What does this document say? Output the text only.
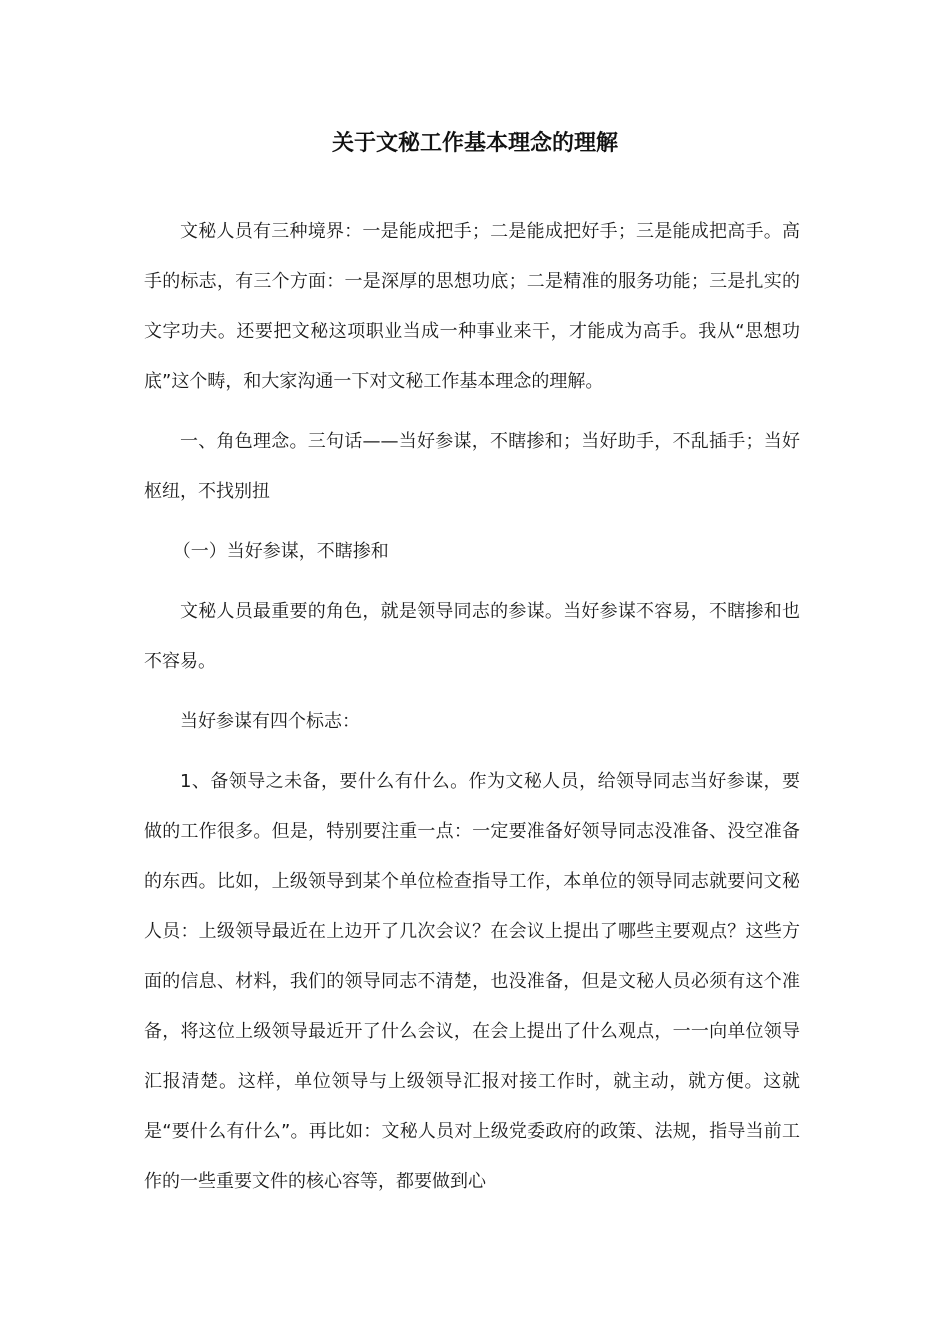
关于文秘工作基本理念的理解

文秘人员有三种境界：一是能成把手；二是能成把好手；三是能成把高手。高手的标志，有三个方面：一是深厚的思想功底；二是精准的服务功能；三是扎实的文字功夫。还要把文秘这项职业当成一种事业来干，才能成为高手。我从“思想功底”这个畴，和大家沟通一下对文秘工作基本理念的理解。

一、角色理念。三句话——当好参谋，不瞎掺和；当好助手，不乱插手；当好枢纽，不找别扭

（一）当好参谋，不瞎掺和

文秘人员最重要的角色，就是领导同志的参谋。当好参谋不容易，不瞎掺和也不容易。

当好参谋有四个标志：

1、备领导之未备，要什么有什么。作为文秘人员，给领导同志当好参谋，要做的工作很多。但是，特别要注重一点：一定要准备好领导同志没准备、没空准备的东西。比如，上级领导到某个单位检查指导工作，本单位的领导同志就要问文秘人员：上级领导最近在上边开了几次会议？在会议上提出了哪些主要观点？这些方面的信息、材料，我们的领导同志不清楚，也没准备，但是文秘人员必须有这个准备，将这位上级领导最近开了什么会议，在会上提出了什么观点，一一向单位领导汇报清楚。这样，单位领导与上级领导汇报对接工作时，就主动，就方便。这就是“要什么有什么”。再比如：文秘人员对上级党委政府的政策、法规，指导当前工作的一些重要文件的核心容等，都要做到心
